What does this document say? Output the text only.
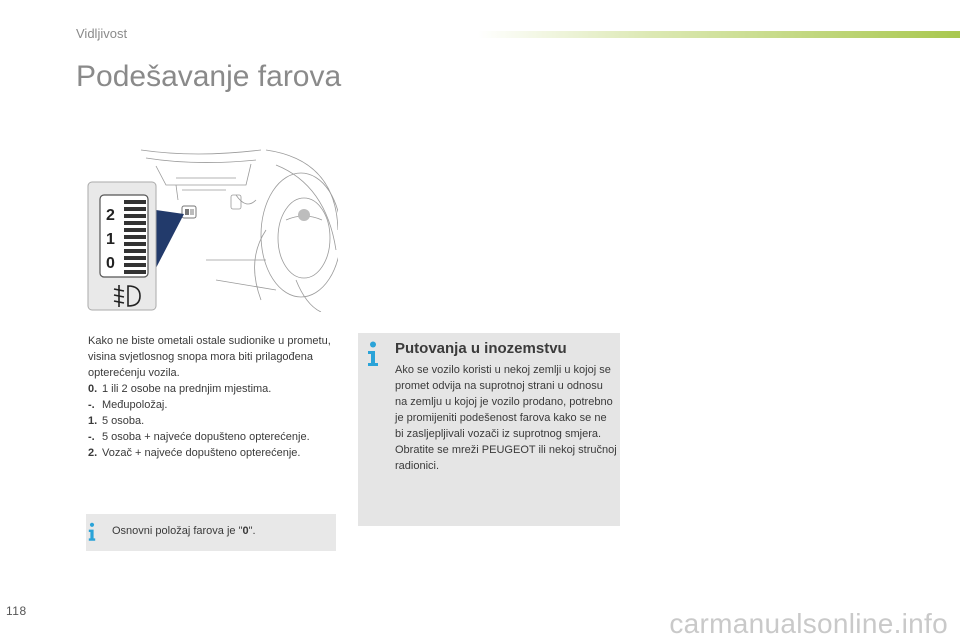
Vidljivost
Podešavanje farova
2
1
0

Kako ne biste ometali ostale sudionike u prometu, visina svjetlosnog snopa mora biti prilagođena opterećenju vozila.

0. 1 ili 2 osobe na prednjim mjestima.
-. Međupoložaj.
1. 5 osoba.
-. 5 osoba + najveće dopušteno opterećenje.
2. Vozač + najveće dopušteno opterećenje.
Osnovni položaj farova je "0".
Putovanja u inozemstvu
Ako se vozilo koristi u nekoj zemlji u kojoj se promet odvija na suprotnoj strani u odnosu na zemlju u kojoj je vozilo prodano, potrebno je promijeniti podešenost farova kako se ne bi zasljepljivali vozači iz suprotnog smjera. Obratite se mreži PEUGEOT ili nekoj stručnoj radionici.
118	carmanualsonline.info
